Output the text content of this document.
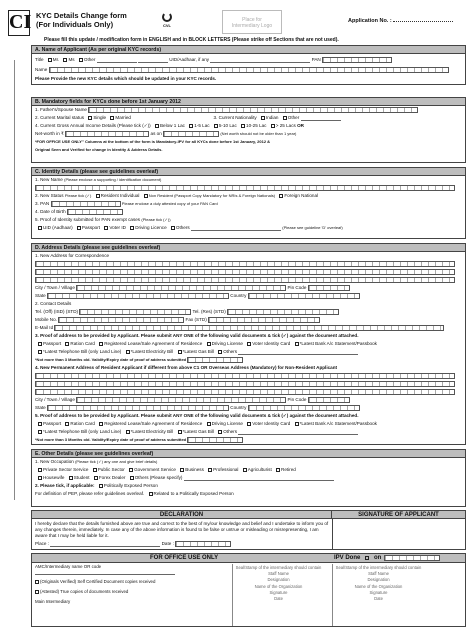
CI KYC Details Change form
(For Individuals Only)	CVL
Place for
Intermediary Logo
Application No. :
Please fill this update / modification form in ENGLISH and in BLOCK LETTERS (Please strike off Sections that are not used).
A. Name of Applicant (As per original KYC records)
Title Mr. Ms Other	UID/Aadhaar, if any	PAN
Name
Please Provide the new KYC details which should be updated in your KYC records.
B. Mandatory fields for KYCs done before 1st January 2012
1. Father's/Spouse Name
2. Current Marital status Single Married	3. Current Nationality Indian Other
4. Current Gross Annual Income Details (Please tick (✓)) Below 1 Lac 1-5 Lac 5-10 Lac 10-25 Lac > 25 Lacs OR
Net-worth in ₹	as on	(Net worth should not be older than 1 year)
*FOR OFFICE USE ONLY" Columns at the bottom of the form is Mandatory-IPV for all KYCs done before 1st January, 2012 &
Original Seen and Verified for change in Identity & Address Details.
C. Identity Details (please see guidelines overleaf)
1. New Name (Please enclose a supporting / identification document)
2. New Status Please tick (✓) Resident Individual Non Resident (Passport Copy Mandatory for NRIs & Foreign Nationals) Foreign National
3. PAN	Please enclose a duly attested copy of your PAN Card
4. Date of Birth
5. Proof of Identity submitted for PAN exempt cases (Please tick (✓))
UID (Aadhaar) Passport Voter ID Driving Licence Others	(Please see guideline 'D' overleaf)
D. Address Details (please see guidelines overleaf)
1. New Address for Correspondence
City / Town / Village	Pin Code
State	Country
2. Contact Details
Tel. (Off) (ISD) (STD)	Tel. (Res) (STD)
Mobile No.	Fax (STD)
E-Mail Id
3. Proof of address to be provided by Applicant. Please submit ANY ONE of the following valid documents & tick (✓) against the document attached.
Passport Ration Card Registered Lease/Sale Agreement of Residence Driving License Voter Identity Card *Latest Bank A/c Statement/Passbook
*Latest Telephone Bill (only Land Line) *Latest Electricity Bill *Latest Gas Bill Others
*Not more than 3 Months old. Validity/Expiry date of proof of address submitted
4. New Permanent Address of Resident Applicant if different from above C1 OR Overseas Address (Mandatory) for Non-Resident Applicant
City / Town / Village	Pin Code
State	Country
5. Proof of address to be provided by Applicant. Please submit ANY ONE of the following valid documents & tick (✓) against the document attached.
Passport Ration Card Registered Lease/Sale Agreement of Residence Driving License Voter Identity Card *Latest Bank A/c Statement/Passbook
*Latest Telephone Bill (only Land Line) *Latest Electricity Bill *Latest Gas Bill Others
*Not more than 3 Months old. Validity/Expiry date of proof of address submitted
E. Other Details (please see guidelines overleaf)
1. New Occupation (Please tick (✓) any one and give brief details)
Private Sector Service Public Sector Government Service Business Professional Agriculturist Retired
Housewife Student Forex Dealer Others (Please specify)
2. Please tick, if applicable: Politically Exposed Person
For definition of PEP, please refer guidelines overleaf. Related to a Politically Exposed Person
DECLARATION	SIGNATURE OF APPLICANT
I hereby declare that the details furnished above are true and correct to the best of my/our knowledge and belief and I undertake to inform you of any changes therein, immediately. In case any of the above information is found to be false or untrue or misleading or misrepresenting, I am aware that I may be held liable for it.
Place :	Date :
FOR OFFICE USE ONLY	IPV Done on
AMC/Intermediary name OR code
(Originals Verified) Self Certified Document copies received
(Attested) True copies of documents received
Main Intermediary
Seal/Stamp of the intermediary should contain
Staff Name
Designation
Name of the Organization
Signature
Date
Seal/Stamp of the intermediary should contain
Staff Name
Designation
Name of the Organization
Signature
Date
